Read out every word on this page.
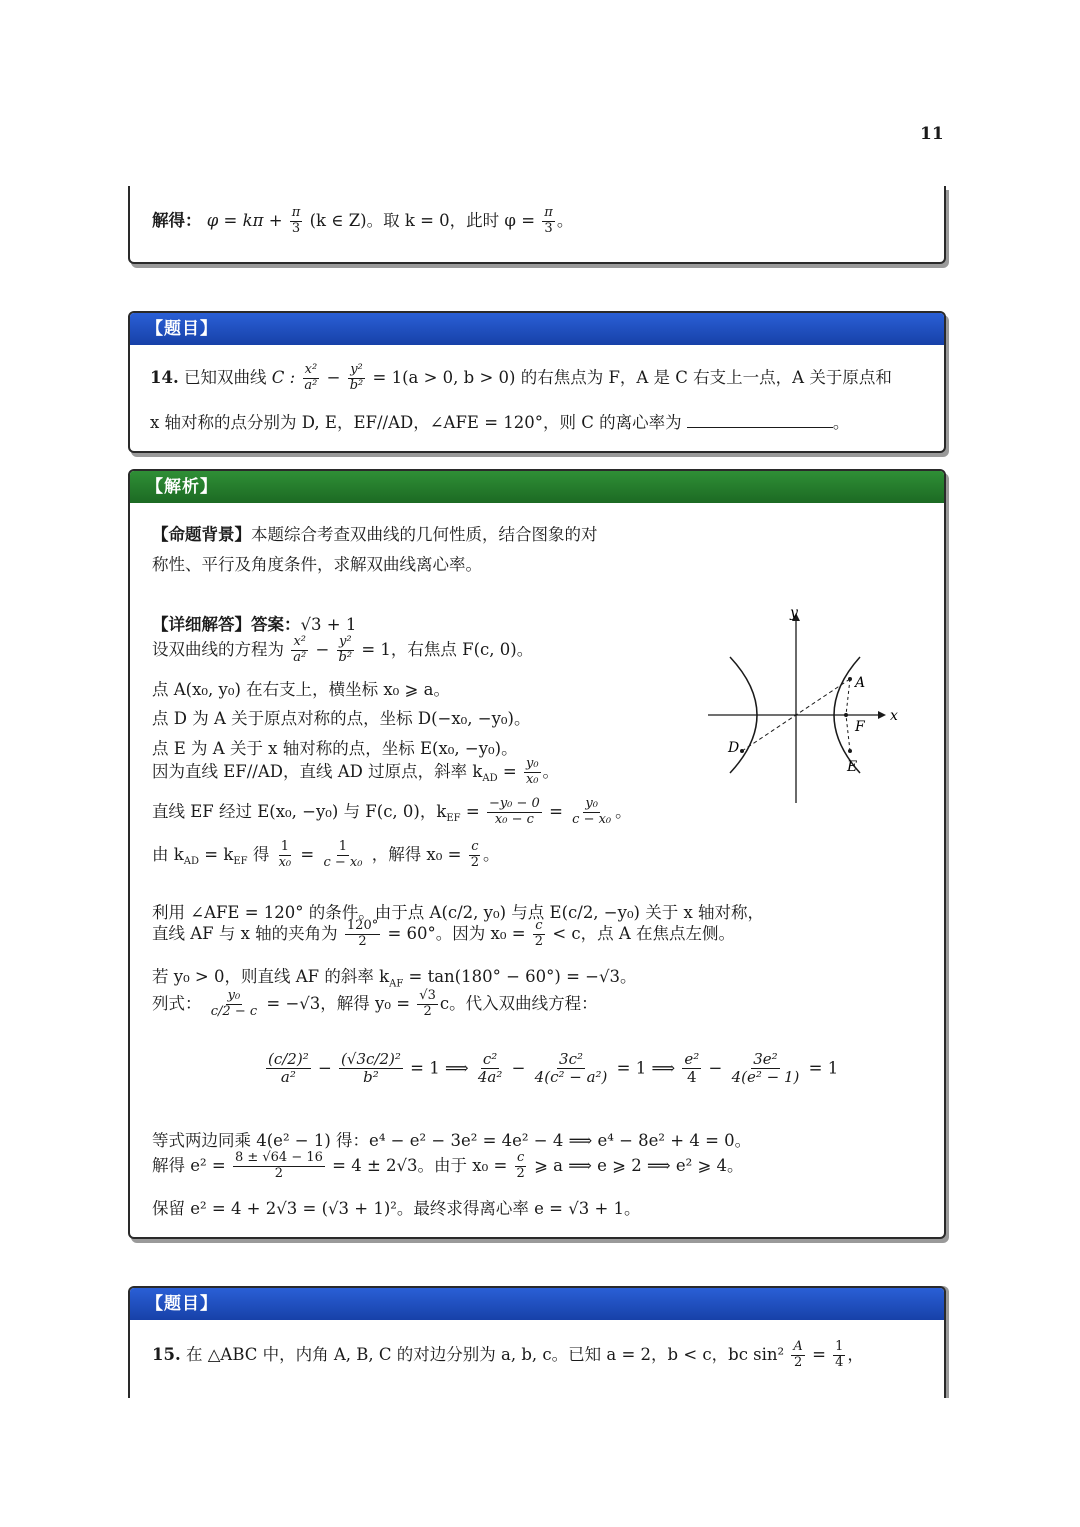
11
解得： $\varphi = k\pi + \frac{\pi}{3} (k$ ∈ Z)。取 k = 0，此时 $\varphi = \frac{\pi}{3}$ 。
【题目】
14. 已知双曲线 C : $\frac{\text{x²}}{\text{a²}} - \frac{\text{y²}}{\text{b²}} = 1(a > 0$, b > 0) 的右焦点为 F，A 是 C 右支上一点，A 关于原点和
x 轴对称的点分别为 D, E，EF//AD，∠AFE = 120°，则 C 的离心率为	。
【解析】
【命题背景】本题综合考查双曲线的几何性质，结合图象的对
称性、平行及角度条件，求解双曲线离心率。
【详细解答】答案：√3 + 1
设双曲线的方程为 $\frac{\text{x²}}{\text{a²}} - \frac{\text{y²}}{\text{b²}} = 1$，右焦点 F(c, 0)。
点 A(x₀, y₀) 在右支上，横坐标 x₀ ⩾ a。
点 D 为 A 关于原点对称的点，坐标 D(−x₀, −y₀)。
点 E 为 A 关于 x 轴对称的点，坐标 E(x₀, −y₀)。
因为直线 EF//AD，直线 AD 过原点，斜率 $k_{AD} = \frac{\text{y₀}}{\text{x₀}}$ 。
直线 EF 经过 E(x₀, −y₀) 与 F(c, 0)，$k_{EF} = \frac{\text{−y₀ − 0}}{\text{x₀ − c}} = \frac{\text{y₀}}{\text{c − x₀}}$ 。
由 $k_{AD} = k_{EF}$ 得 $\frac{1}{\text{x₀}} = \frac{1}{\text{c − x₀}}$ ，解得 $x_0 = \frac{c}{2}$ 。
利用 ∠AFE = 120° 的条件。由于点 A(c/2, y₀) 与点 E(c/2, −y₀) 关于 x 轴对称，
直线 AF 与 x 轴的夹角为 $\frac{120^\circ}{2} = 60^\circ$。因为 $x_0 = \frac{c}{2} < c$，点 A 在焦点左侧。
若 y₀ > 0，则直线 AF 的斜率 $k_{AF} = \tan(180^\circ - 60^\circ) = -√3$。
列式： $\frac{\text{y₀}}{c/2 - c} = -√3$，解得 $y_0 = \frac{√3}{2}$ c。代入双曲线方程：
$\frac{\text{(c/2)²}}{\text{a²}} - \frac{\text{(√3c/2)²}}{\text{b²}} = 1$ ⟹ $\frac{\text{c²}}{\text{4a²}} - \frac{\text{3c²}}{\text{4(c² − a²)}} = 1$ ⟹ $\frac{\text{e²}}{4} - \frac{\text{3e²}}{\text{4(e² − 1)}} = 1$
等式两边同乘 4(e² − 1) 得：e⁴ − e² − 3e² = 4e² − 4 ⟹ e⁴ − 8e² + 4 = 0。
解得 $e^2 = \frac{8 \pm √64 - 16}{2} = 4 \pm 2√3$。由于 $x_0 = \frac{c}{2}$ ⩾ a ⟹ e ⩾ 2 ⟹ e² ⩾ 4。
保留 e² = 4 + 2√3 = (√3 + 1)²。最终求得离心率 e = √3 + 1。
y
x
A
F
E
D
【题目】
15. 在 △ABC 中，内角 A, B, C 的对边分别为 a, b, c。已知 a = 2，b < c，bc $\sin^2 \frac{A}{2} = \frac{1}{4}$ ，
